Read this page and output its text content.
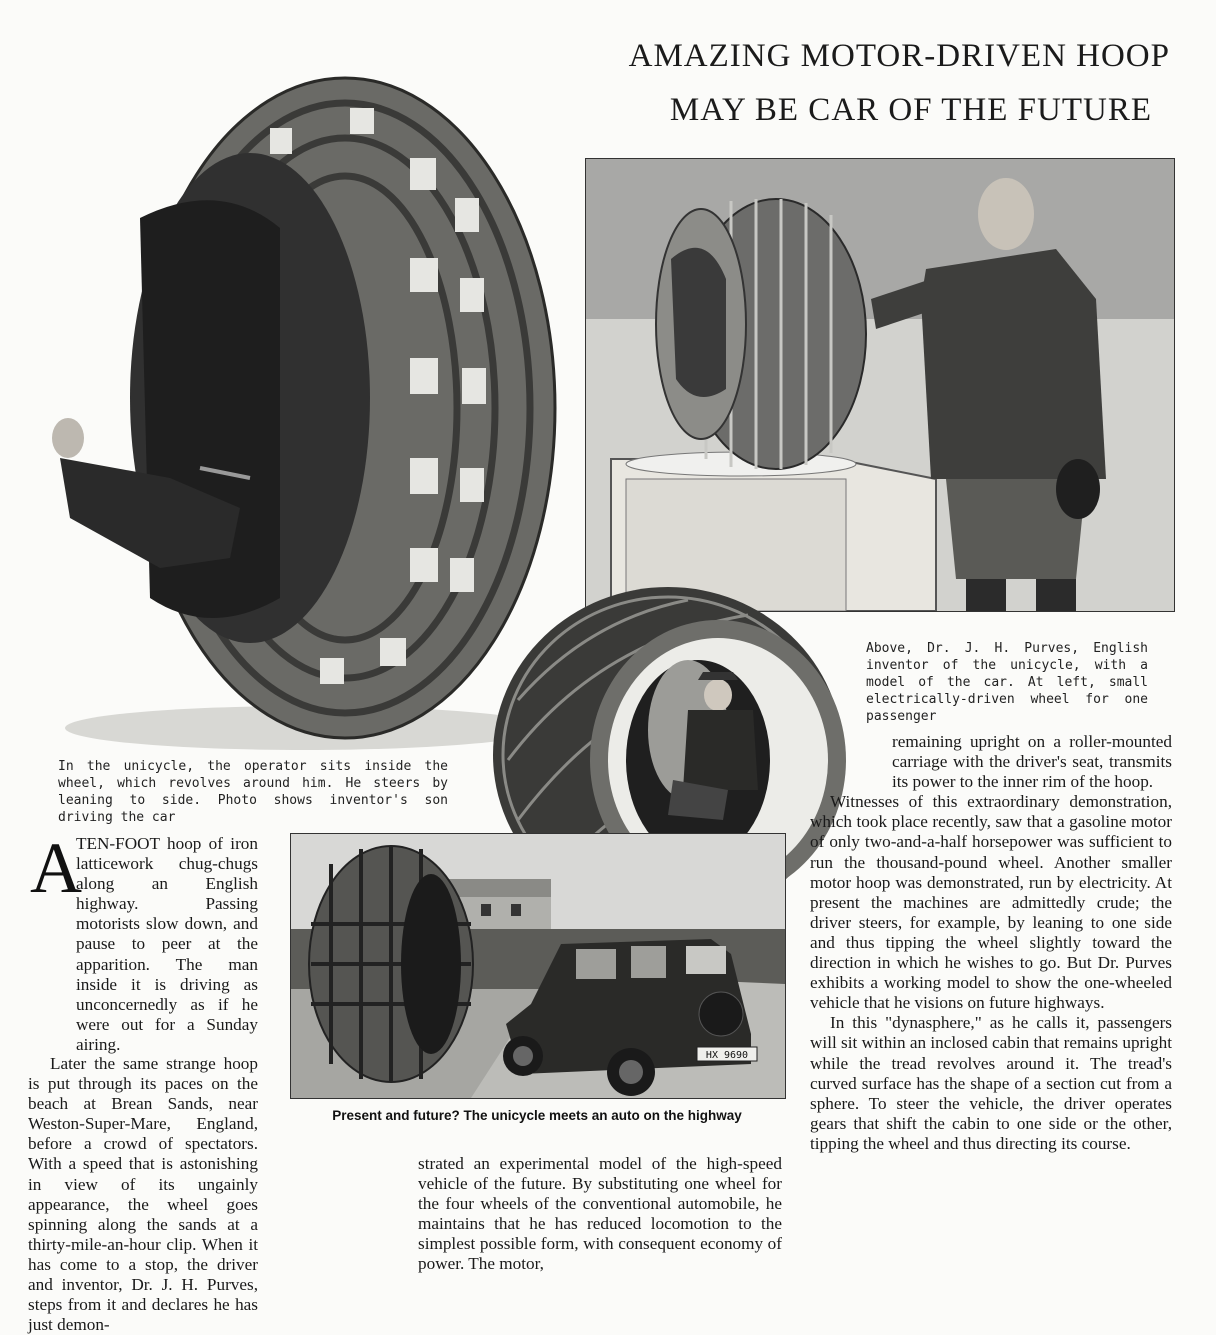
AMAZING MOTOR-DRIVEN HOOP
MAY BE CAR OF THE FUTURE
Above, Dr. J. H. Purves, English inventor of the unicycle, with a model of the car. At left, small electrically-driven wheel for one passenger
In the unicycle, the operator sits inside the wheel, which revolves around him. He steers by leaning to side. Photo shows inventor's son driving the car
HX 9690
Present and future? The unicycle meets an auto on the highway
A

TEN-FOOT hoop of iron latticework chug-chugs along an English highway. Passing motorists slow down, and pause to peer at the apparition. The man inside it is driving as unconcernedly as if he were out for a Sunday airing.

Later the same strange hoop is put through its paces on the beach at Brean Sands, near Weston-Super-Mare, England, before a crowd of spectators. With a speed that is astonishing in view of its ungainly appearance, the wheel goes spinning along the sands at a thirty-mile-an-hour clip. When it has come to a stop, the driver and inventor, Dr. J. H. Purves, steps from it and declares he has just demon-

strated an experimental model of the high-speed vehicle of the future. By substituting one wheel for the four wheels of the conventional automobile, he maintains that he has reduced locomotion to the simplest possible form, with consequent economy of power. The motor,

remaining upright on a roller-mounted carriage with the driver's seat, transmits its power to the inner rim of the hoop.

Witnesses of this extraordinary demonstration, which took place recently, saw that a gasoline motor of only two-and-a-half horsepower was sufficient to run the thousand-pound wheel. Another smaller motor hoop was demonstrated, run by electricity. At present the machines are admittedly crude; the driver steers, for example, by leaning to one side and thus tipping the wheel slightly toward the direction in which he wishes to go. But Dr. Purves exhibits a working model to show the one-wheeled vehicle that he visions on future highways.

In this "dynasphere," as he calls it, passengers will sit within an inclosed cabin that remains upright while the tread revolves around it. The tread's curved surface has the shape of a section cut from a sphere. To steer the vehicle, the driver operates gears that shift the cabin to one side or the other, tipping the wheel and thus directing its course.
